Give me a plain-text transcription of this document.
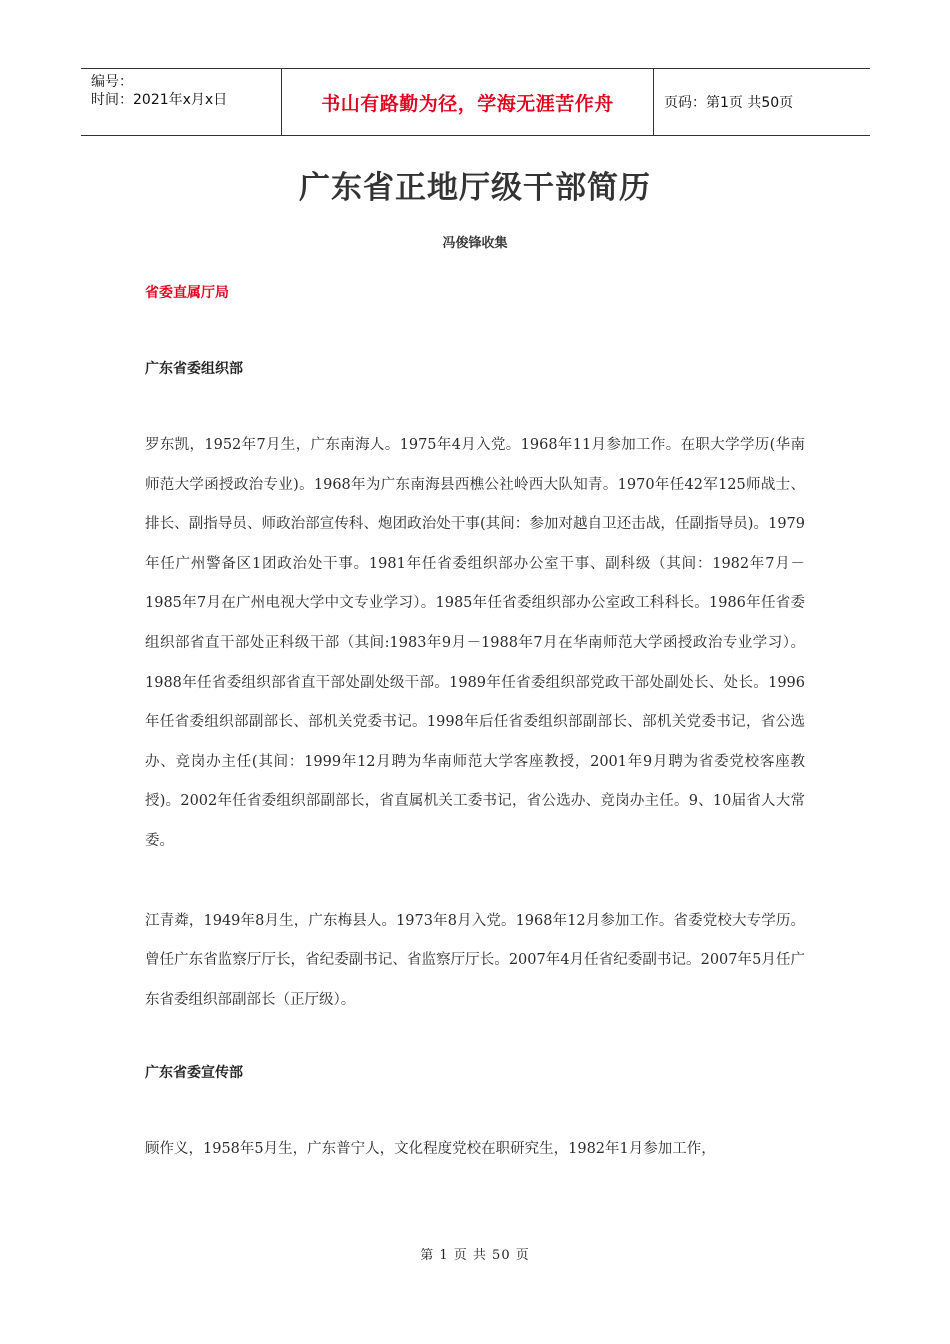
编号：
时间：2021年x月x日	书山有路勤为径，学海无涯苦作舟	页码：第1页 共50页
广东省正地厅级干部简历
冯俊锋收集

省委直属厅局

广东省委组织部

罗东凯，1952年7月生，广东南海人。1975年4月入党。1968年11月参加工作。在职大学学历(华南师范大学函授政治专业)。1968年为广东南海县西樵公社岭西大队知青。1970年任42军125师战士、排长、副指导员、师政治部宣传科、炮团政治处干事(其间：参加对越自卫还击战，任副指导员)。1979年任广州警备区1团政治处干事。1981年任省委组织部办公室干事、副科级（其间：1982年7月－1985年7月在广州电视大学中文专业学习）。1985年任省委组织部办公室政工科科长。1986年任省委组织部省直干部处正科级干部（其间:1983年9月－1988年7月在华南师范大学函授政治专业学习）。1988年任省委组织部省直干部处副处级干部。1989年任省委组织部党政干部处副处长、处长。1996年任省委组织部副部长、部机关党委书记。1998年后任省委组织部副部长、部机关党委书记，省公选办、竞岗办主任(其间：1999年12月聘为华南师范大学客座教授，2001年9月聘为省委党校客座教授)。2002年任省委组织部副部长，省直属机关工委书记，省公选办、竞岗办主任。9、10届省人大常委。

江青粦，1949年8月生，广东梅县人。1973年8月入党。1968年12月参加工作。省委党校大专学历。曾任广东省监察厅厅长，省纪委副书记、省监察厅厅长。2007年4月任省纪委副书记。2007年5月任广东省委组织部副部长（正厅级）。

广东省委宣传部

顾作义，1958年5月生，广东普宁人，文化程度党校在职研究生，1982年1月参加工作，

第 1 页 共 50 页
